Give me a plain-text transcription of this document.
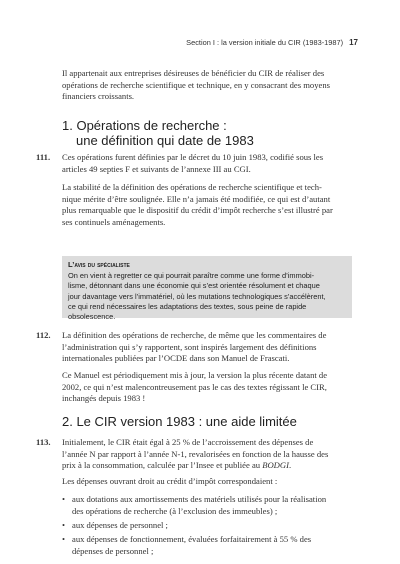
Section I : la version initiale du CIR (1983-1987) 17
Il appartenait aux entreprises désireuses de bénéficier du CIR de réaliser des
opérations de recherche scientifique et technique, en y consacrant des moyens
financiers croissants.
1. Opérations de recherche :
une définition qui date de 1983
111. Ces opérations furent définies par le décret du 10 juin 1983, codifié sous les
articles 49 septies F et suivants de l’annexe III au CGI.
La stabilité de la définition des opérations de recherche scientifique et tech-
nique mérite d’être soulignée. Elle n’a jamais été modifiée, ce qui est d’autant
plus remarquable que le dispositif du crédit d’impôt recherche s’est illustré par
ses continuels aménagements.
L’avis du spécialiste
On en vient à regretter ce qui pourrait paraître comme une forme d’immobi-
lisme, détonnant dans une économie qui s’est orientée résolument et chaque
jour davantage vers l’immatériel, où les mutations technologiques s’accélèrent,
ce qui rend nécessaires les adaptations des textes, sous peine de rapide
obsolescence.
112. La définition des opérations de recherche, de même que les commentaires de
l’administration qui s’y rapportent, sont inspirés largement des définitions
internationales publiées par l’OCDE dans son Manuel de Frascati.
Ce Manuel est périodiquement mis à jour, la version la plus récente datant de
2002, ce qui n’est malencontreusement pas le cas des textes régissant le CIR,
inchangés depuis 1983 !
2. Le CIR version 1983 : une aide limitée
113. Initialement, le CIR était égal à 25 % de l’accroissement des dépenses de
l’année N par rapport à l’année N-1, revalorisées en fonction de la hausse des
prix à la consommation, calculée par l’Insee et publiée au BODGI.
Les dépenses ouvrant droit au crédit d’impôt correspondaient :
• aux dotations aux amortissements des matériels utilisés pour la réalisation
des opérations de recherche (à l’exclusion des immeubles) ;
• aux dépenses de personnel ;
• aux dépenses de fonctionnement, évaluées forfaitairement à 55 % des
dépenses de personnel ;
